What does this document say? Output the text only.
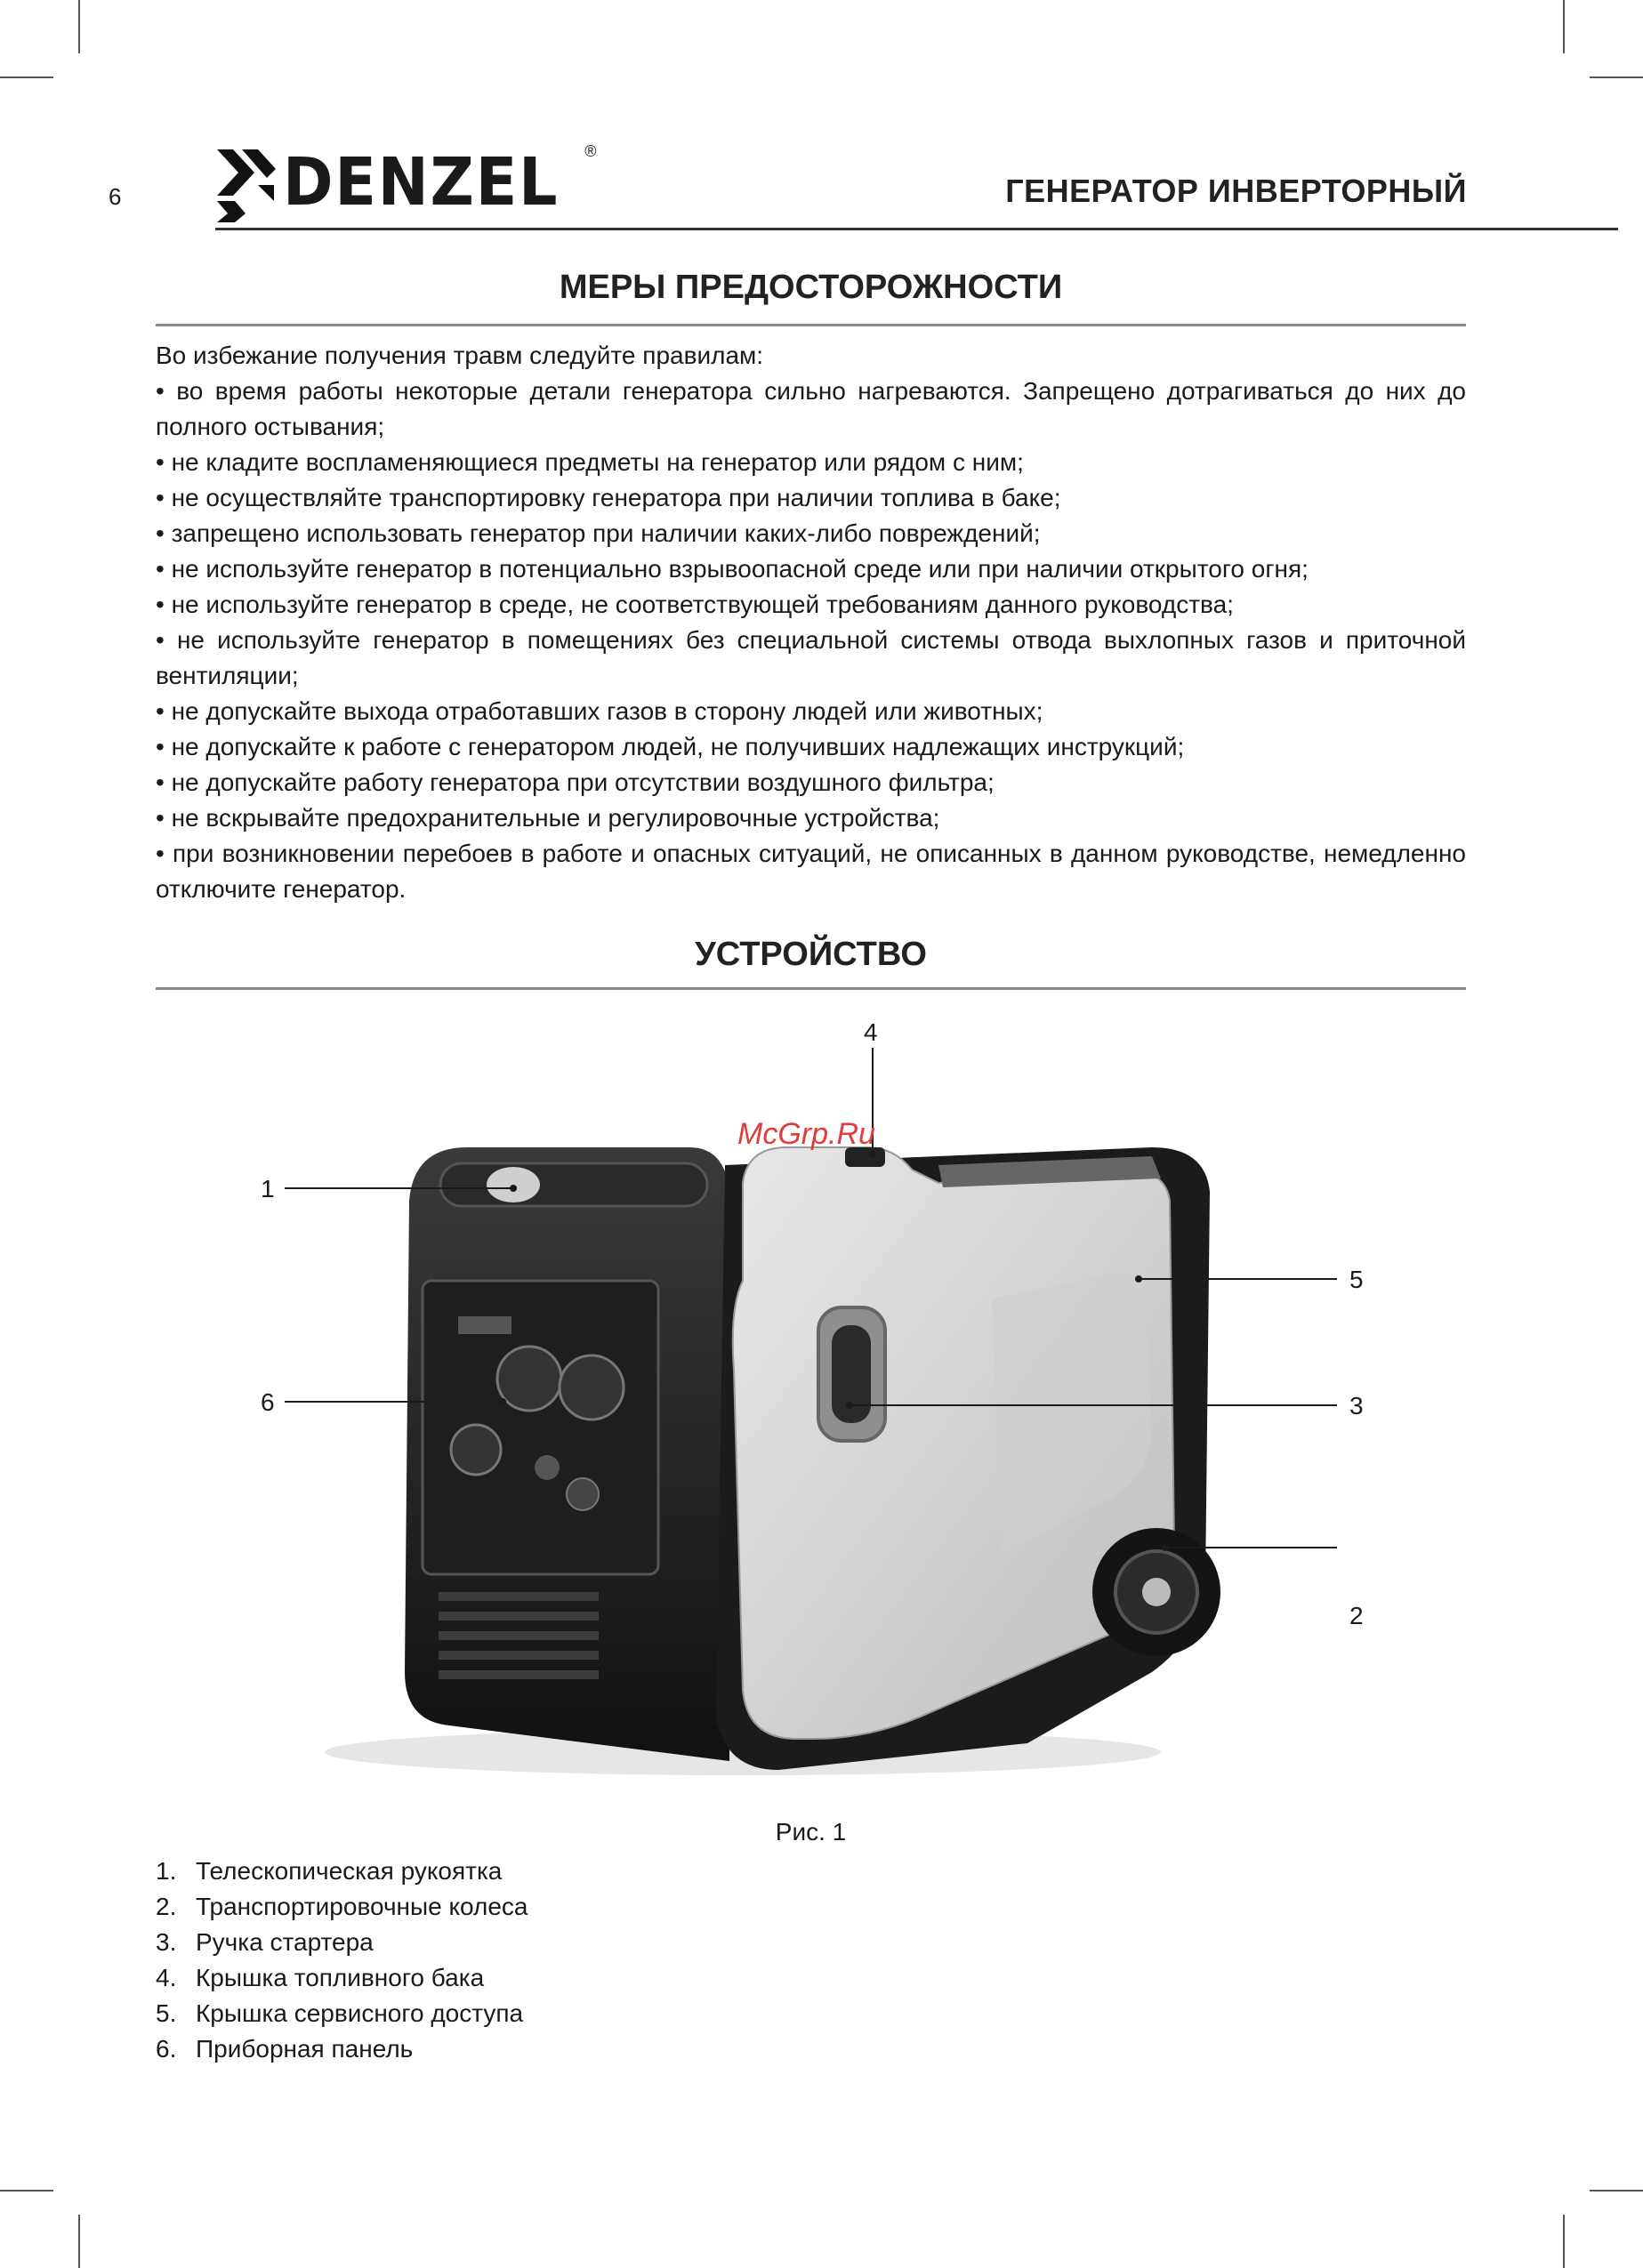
6 DENZEL ®
ГЕНЕРАТОР ИНВЕРТОРНЫЙ
МЕРЫ ПРЕДОСТОРОЖНОСТИ

Во избежание получения травм следуйте правилам:

• во время работы некоторые детали генератора сильно нагреваются. Запрещено дотрагиваться до них до полного остывания;

• не кладите воспламеняющиеся предметы на генератор или рядом с ним;

• не осуществляйте транспортировку генератора при наличии топлива в баке;

• запрещено использовать генератор при наличии каких-либо повреждений;

• не используйте генератор в потенциально взрывоопасной среде или при наличии открытого огня;

• не используйте генератор в среде, не соответствующей требованиям данного руководства;

• не используйте генератор в помещениях без специальной системы отвода выхлопных газов и приточной вентиляции;

• не допускайте выхода отработавших газов в сторону людей или животных;

• не допускайте к работе с генератором людей, не получивших надлежащих инструкций;

• не допускайте работу генератора при отсутствии воздушного фильтра;

• не вскрывайте предохранительные и регулировочные устройства;

• при возникновении перебоев в работе и опасных ситуаций, не описанных в данном руководстве, немедленно отключите генератор.

УСТРОЙСТВО
1
2
3
4
5
6
McGrp.Ru
Рис. 1
1. Телескопическая рукоятка
2. Транспортировочные колеса
3. Ручка стартера
4. Крышка топливного бака
5. Крышка сервисного доступа
6. Приборная панель
